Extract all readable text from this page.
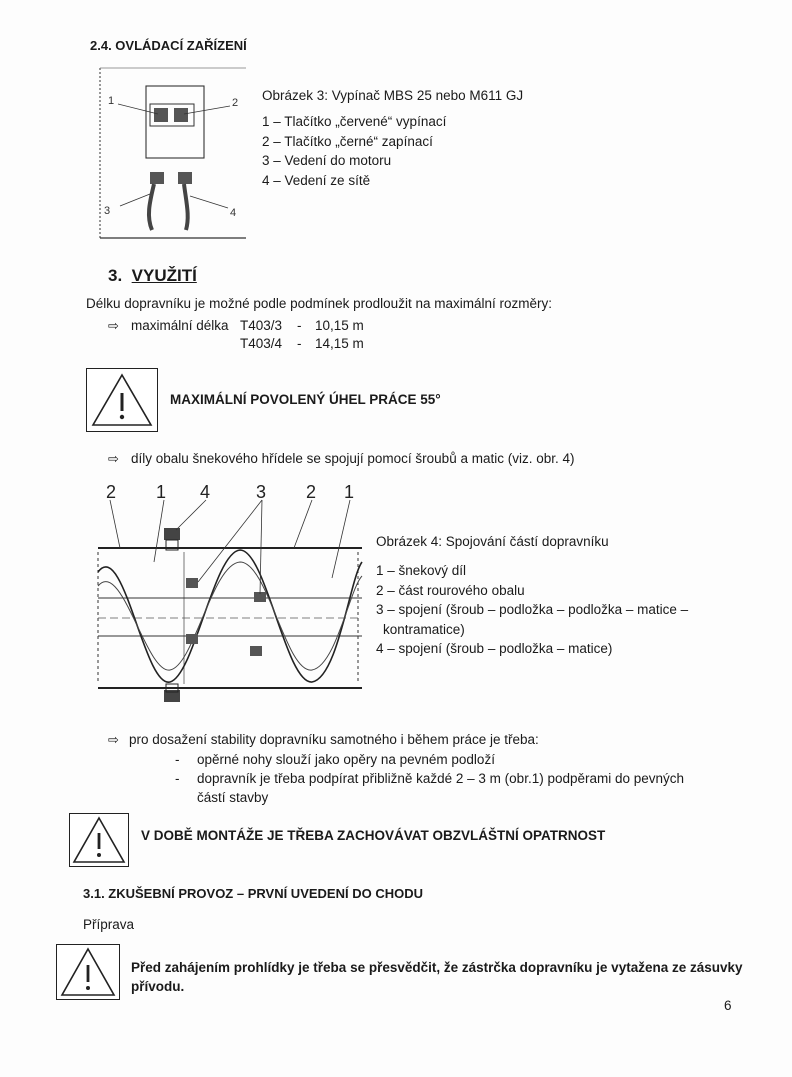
2.4. OVLÁDACÍ ZAŘÍZENÍ
1	2
3	4
Obrázek 3: Vypínač MBS 25 nebo M611 GJ
1 – Tlačítko „červené“ vypínací
2 – Tlačítko „černé“ zapínací
3 – Vedení do motoru
4 – Vedení ze sítě
3. VYUŽITÍ
Délku dopravníku je možné podle podmínek prodloužit na maximální rozměry:
⇨ maximální délka T403/3 - 10,15 m
T403/4 - 14,15 m
MAXIMÁLNÍ POVOLENÝ ÚHEL PRÁCE 55°
⇨ díly obalu šnekového hřídele se spojují pomocí šroubů a matic (viz. obr. 4)
2 1 4	3 2 1
Obrázek 4: Spojování částí dopravníku
1 – šnekový díl
2 – část rourového obalu
3 – spojení (šroub – podložka – podložka – matice –
kontramatice)
4 – spojení (šroub – podložka – matice)
⇨ pro dosažení stability dopravníku samotného i během práce je třeba:
- opěrné nohy slouží jako opěry na pevném podloží
- dopravník je třeba podpírat přibližně každé 2 – 3 m (obr.1) podpěrami do pevných
částí stavby
V DOBĚ MONTÁŽE JE TŘEBA ZACHOVÁVAT OBZVLÁŠTNÍ OPATRNOST
3.1. ZKUŠEBNÍ PROVOZ – PRVNÍ UVEDENÍ DO CHODU
Příprava
Před zahájením prohlídky je třeba se přesvědčit, že zástrčka dopravníku je vytažena ze zásuvky přívodu.
6
